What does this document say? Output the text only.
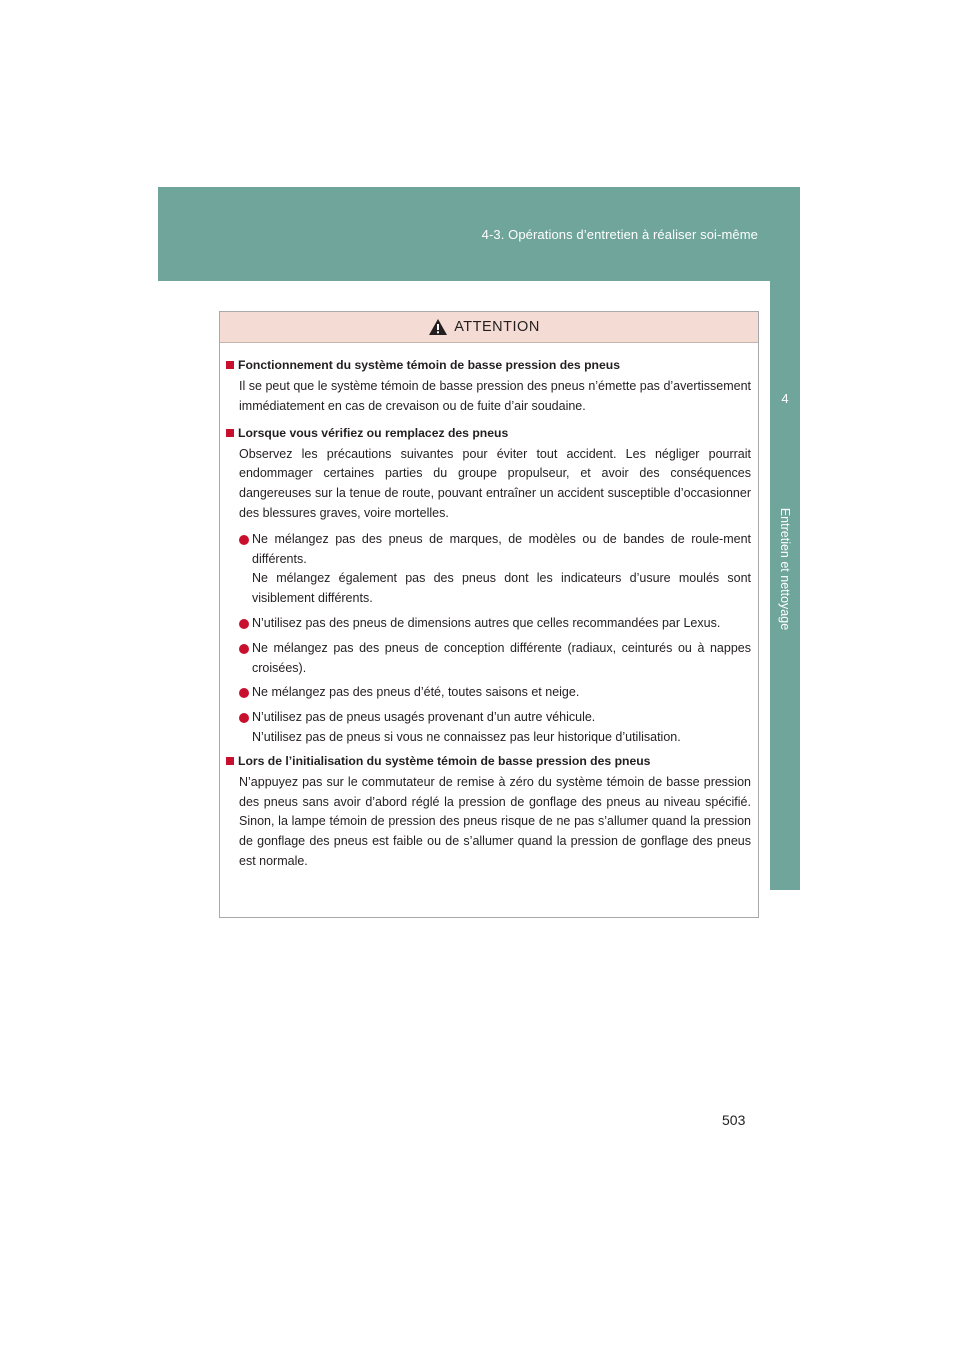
4-3. Opérations d’entretien à réaliser soi-même
4
Entretien et nettoyage
ATTENTION
Fonctionnement du système témoin de basse pression des pneus
Il se peut que le système témoin de basse pression des pneus n’émette pas d’avertissement immédiatement en cas de crevaison ou de fuite d’air soudaine.
Lorsque vous vérifiez ou remplacez des pneus
Observez les précautions suivantes pour éviter tout accident. Les négliger pourrait endommager certaines parties du groupe propulseur, et avoir des conséquences dangereuses sur la tenue de route, pouvant entraîner un accident susceptible d’occasionner des blessures graves, voire mortelles.
Ne mélangez pas des pneus de marques, de modèles ou de bandes de roule-ment différents.
Ne mélangez également pas des pneus dont les indicateurs d’usure moulés sont visiblement différents.
N’utilisez pas des pneus de dimensions autres que celles recommandées par Lexus.
Ne mélangez pas des pneus de conception différente (radiaux, ceinturés ou à nappes croisées).
Ne mélangez pas des pneus d’été, toutes saisons et neige.
N’utilisez pas de pneus usagés provenant d’un autre véhicule.
N’utilisez pas de pneus si vous ne connaissez pas leur historique d’utilisation.
Lors de l’initialisation du système témoin de basse pression des pneus
N’appuyez pas sur le commutateur de remise à zéro du système témoin de basse pression des pneus sans avoir d’abord réglé la pression de gonflage des pneus au niveau spécifié. Sinon, la lampe témoin de pression des pneus risque de ne pas s’allumer quand la pression de gonflage des pneus est faible ou de s’allumer quand la pression de gonflage des pneus est normale.
503
